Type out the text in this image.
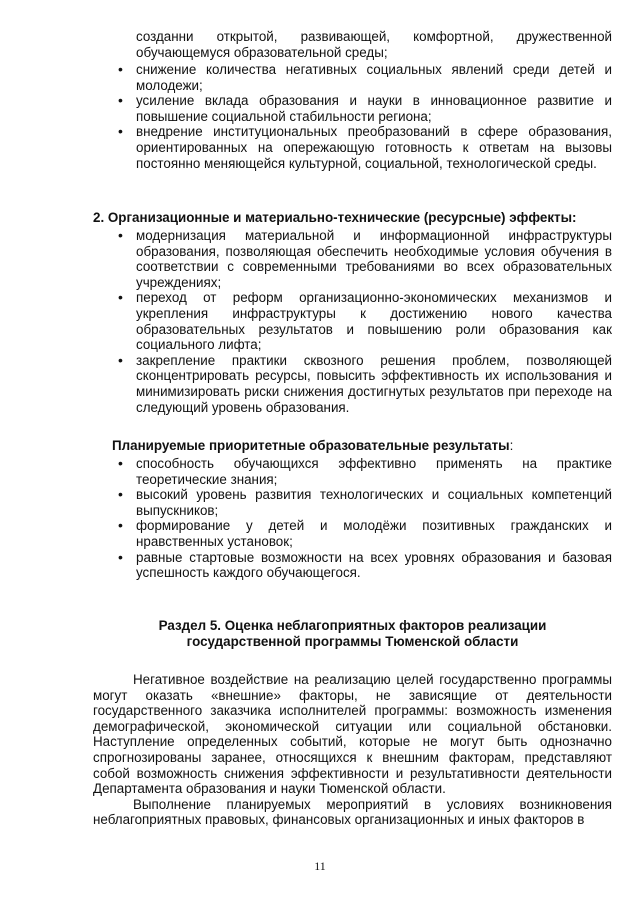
созданни открытой, развивающей, комфортной, дружественной обучающемуся образовательной среды;
• снижение количества негативных социальных явлений среди детей и молодежи;
• усиление вклада образования и науки в инновационное развитие и повышение социальной стабильности региона;
• внедрение институциональных преобразований в сфере образования, ориентированных на опережающую готовность к ответам на вызовы постоянно меняющейся культурной, социальной, технологической среды.
2. Организационные и материально-технические (ресурсные) эффекты:
• модернизация материальной и информационной инфраструктуры образования, позволяющая обеспечить необходимые условия обучения в соответствии с современными требованиями во всех образовательных учреждениях;
• переход от реформ организационно-экономических механизмов и укрепления инфраструктуры к достижению нового качества образовательных результатов и повышению роли образования как социального лифта;
• закрепление практики сквозного решения проблем, позволяющей сконцентрировать ресурсы, повысить эффективность их использования и минимизировать риски снижения достигнутых результатов при переходе на следующий уровень образования.
Планируемые приоритетные образовательные результаты:
• способность обучающихся эффективно применять на практике теоретические знания;
• высокий уровень развития технологических и социальных компетенций выпускников;
• формирование у детей и молодёжи позитивных гражданских и нравственных установок;
• равные стартовые возможности на всех уровнях образования и базовая успешность каждого обучающегося.
Раздел 5. Оценка неблагоприятных факторов реализации
государственной программы Тюменской области

Негативное воздействие на реализацию целей государственно программы могут оказать «внешние» факторы, не зависящие от деятельности государственного заказчика исполнителей программы: возможность изменения демографической, экономической ситуации или социальной обстановки. Наступление определенных событий, которые не могут быть однозначно спрогнозированы заранее, относящихся к внешним факторам, представляют собой возможность снижения эффективности и результативности деятельности Департамента образования и науки Тюменской области.

Выполнение планируемых мероприятий в условиях возникновения неблагоприятных правовых, финансовых организационных и иных факторов в

11
